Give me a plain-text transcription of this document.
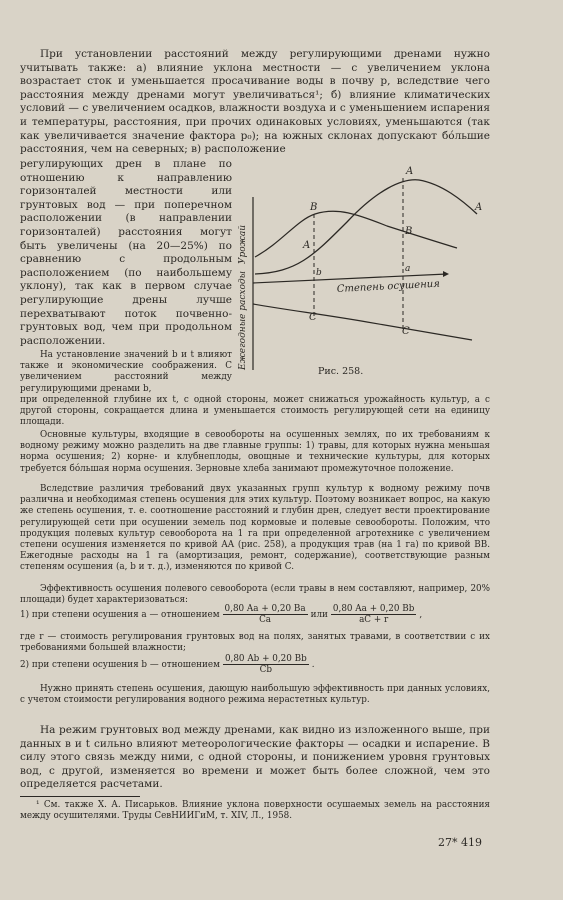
При установлении расстояний между регулирующими дренами нужно учитывать также: а) влияние уклона местности — с увеличением уклона возрастает сток и уменьшается просачивание воды в почву p, вследствие чего расстояния между дренами могут увеличиваться¹; б) влияние климатических условий — с увеличением осадков, влажности воздуха и с уменьшением испарения и температуры, расстояния, при прочих одинаковых условиях, уменьшаются (так как увеличивается значение фактора p₀); на южных склонах допускают бо́льшие расстояния, чем на северных; в) расположение
регулирующих дрен в плане по отношению к направлению горизонталей местности или грунтовых вод — при поперечном расположении (в направлении горизонталей) расстояния могут быть увеличены (на 20—25%) по сравнению с продольным расположением (по наибольшему уклону), так как в первом случае регулирующие дрены лучше перехватывают поток почвенно-грунтовых вод, чем при продольном расположении.
A
A
A
B
B
b	a
C
C
Степень осушения
Урожай
Ежегодные расходы
Рис. 258.
На установление значений b и t влияют также и экономические соображения. С увеличением расстояний между регулирующими дренами b,
при определенной глубине их t, с одной стороны, может снижаться урожайность культур, а с другой стороны, сокращается длина и уменьшается стоимость регулирующей сети на единицу площади.
Основные культуры, входящие в севообороты на осушенных землях, по их требованиям к водному режиму можно разделить на две главные группы: 1) травы, для которых нужна меньшая норма осушения; 2) корне- и клубнеплоды, овощные и технические культуры, для которых требуется бо́льшая норма осушения. Зерновые хлеба занимают промежуточное положение.
Вследствие различия требований двух указанных групп культур к водному режиму почв различна и необходимая степень осушения для этих культур. Поэтому возникает вопрос, на какую же степень осушения, т. е. соотношение расстояний и глубин дрен, следует вести проектирование регулирующей сети при осушении земель под кормовые и полевые севообороты. Положим, что продукция полевых культур севооборота на 1 га при определенной агротехнике с увеличением степени осушения изменяется по кривой AA (рис. 258), а продукция трав (на 1 га) по кривой BB. Ежегодные расходы на 1 га (амортизация, ремонт, содержание), соответствующие разным степеням осушения (a, b и т. д.), изменяются по кривой C.
Эффективность осушения полевого севооборота (если травы в нем составляют, например, 20% площади) будет характеризоваться:
1) при степени осушения a — отношением $\frac{0,80 Aa + 0,20 Ba}{Ca}$ или $\frac{0,80 Aa + 0,20 Bb}{aC + r}$ ,
где r — стоимость регулирования грунтовых вод на полях, занятых травами, в соответствии с их требованиями большей влажности;
2) при степени осушения b — отношением $\frac{0,80 Ab + 0,20 Bb}{Cb}$ .
Нужно принять степень осушения, дающую наибольшую эффективность при данных условиях, с учетом стоимости регулирования водного режима нерастетных культур.
На режим грунтовых вод между дренами, как видно из изложенного выше, при данных в и t сильно влияют метеорологические факторы — осадки и испарение. В силу этого связь между ними, с одной стороны, и понижением уровня грунтовых вод, с другой, изменяется во времени и может быть более сложной, чем это определяется расчетами.
¹ См. также Х. А. Писарьков. Влияние уклона поверхности осушаемых земель на расстояния между осушителями. Труды СевНИИГиМ, т. XIV, Л., 1958.
27* 419
